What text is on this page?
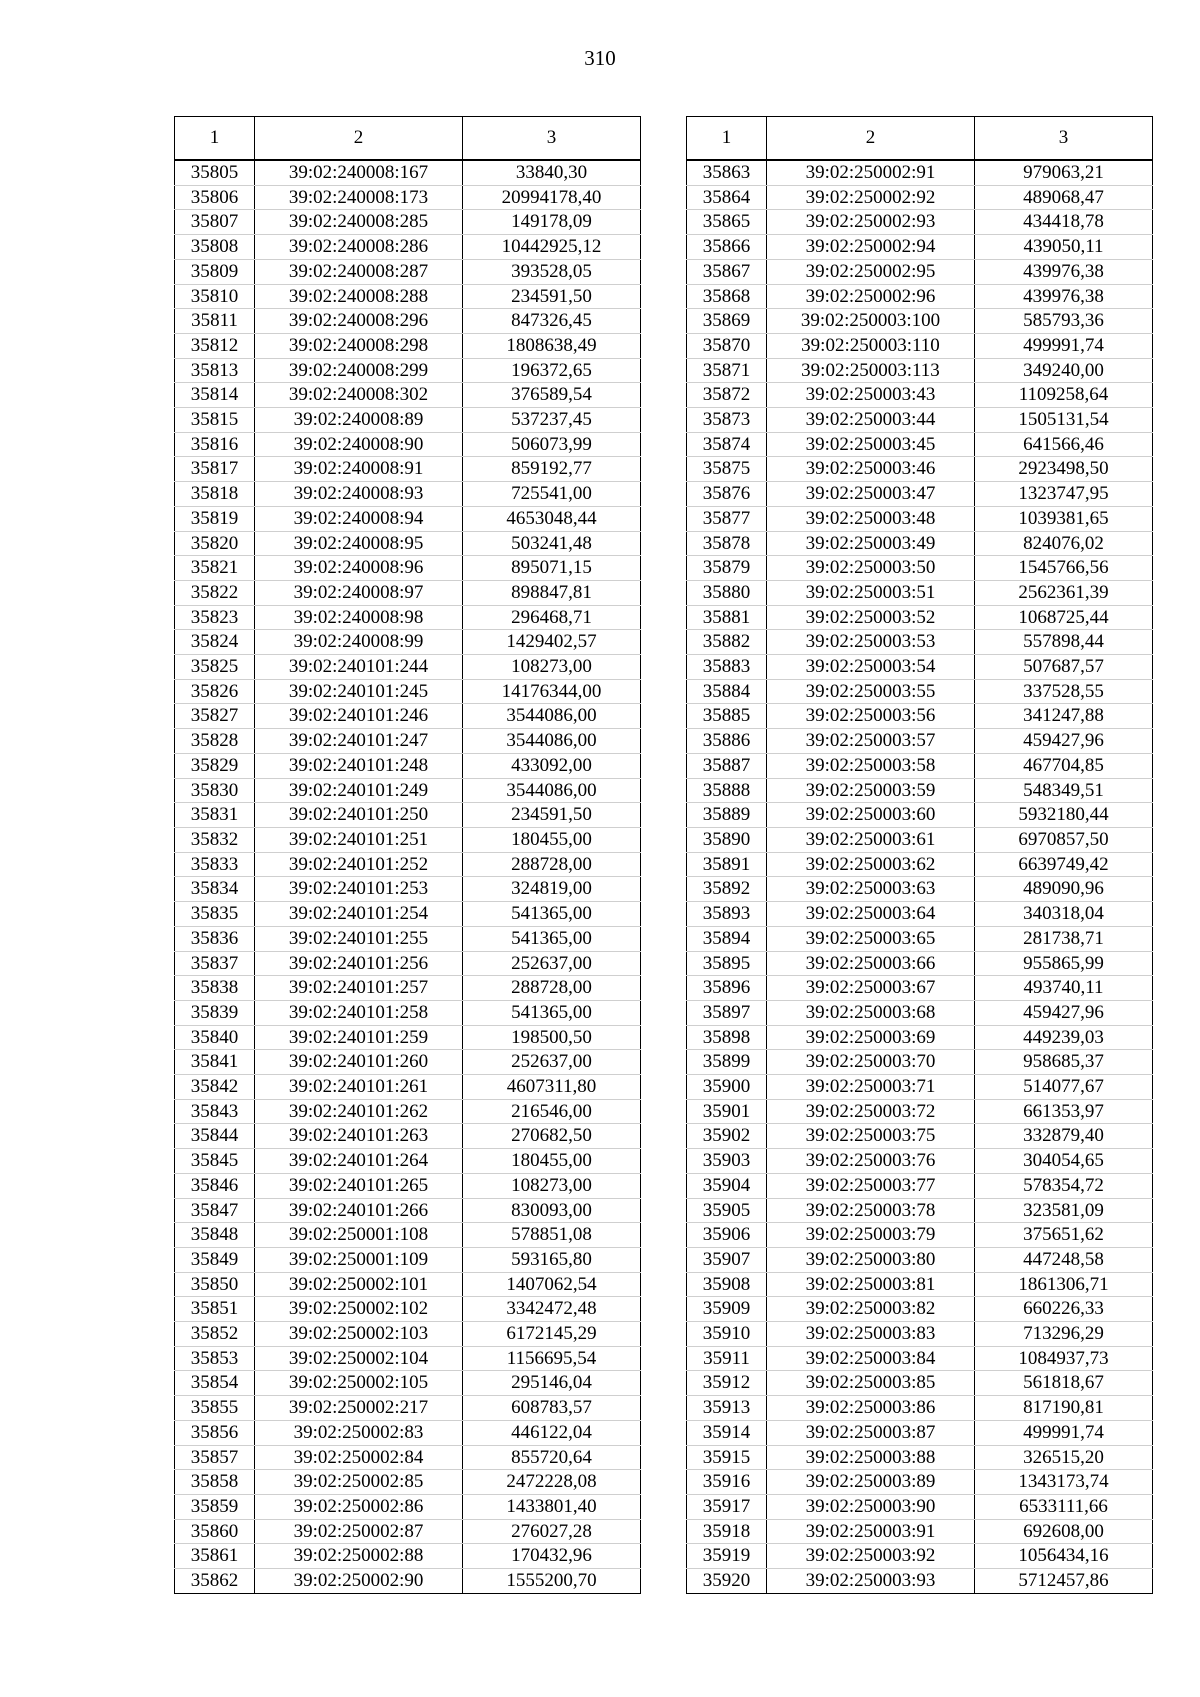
310
1	2	3
35805	39:02:240008:167	33840,30
35806	39:02:240008:173	20994178,40
35807	39:02:240008:285	149178,09
35808	39:02:240008:286	10442925,12
35809	39:02:240008:287	393528,05
35810	39:02:240008:288	234591,50
35811	39:02:240008:296	847326,45
35812	39:02:240008:298	1808638,49
35813	39:02:240008:299	196372,65
35814	39:02:240008:302	376589,54
35815	39:02:240008:89	537237,45
35816	39:02:240008:90	506073,99
35817	39:02:240008:91	859192,77
35818	39:02:240008:93	725541,00
35819	39:02:240008:94	4653048,44
35820	39:02:240008:95	503241,48
35821	39:02:240008:96	895071,15
35822	39:02:240008:97	898847,81
35823	39:02:240008:98	296468,71
35824	39:02:240008:99	1429402,57
35825	39:02:240101:244	108273,00
35826	39:02:240101:245	14176344,00
35827	39:02:240101:246	3544086,00
35828	39:02:240101:247	3544086,00
35829	39:02:240101:248	433092,00
35830	39:02:240101:249	3544086,00
35831	39:02:240101:250	234591,50
35832	39:02:240101:251	180455,00
35833	39:02:240101:252	288728,00
35834	39:02:240101:253	324819,00
35835	39:02:240101:254	541365,00
35836	39:02:240101:255	541365,00
35837	39:02:240101:256	252637,00
35838	39:02:240101:257	288728,00
35839	39:02:240101:258	541365,00
35840	39:02:240101:259	198500,50
35841	39:02:240101:260	252637,00
35842	39:02:240101:261	4607311,80
35843	39:02:240101:262	216546,00
35844	39:02:240101:263	270682,50
35845	39:02:240101:264	180455,00
35846	39:02:240101:265	108273,00
35847	39:02:240101:266	830093,00
35848	39:02:250001:108	578851,08
35849	39:02:250001:109	593165,80
35850	39:02:250002:101	1407062,54
35851	39:02:250002:102	3342472,48
35852	39:02:250002:103	6172145,29
35853	39:02:250002:104	1156695,54
35854	39:02:250002:105	295146,04
35855	39:02:250002:217	608783,57
35856	39:02:250002:83	446122,04
35857	39:02:250002:84	855720,64
35858	39:02:250002:85	2472228,08
35859	39:02:250002:86	1433801,40
35860	39:02:250002:87	276027,28
35861	39:02:250002:88	170432,96
35862	39:02:250002:90	1555200,70
1	2	3
35863	39:02:250002:91	979063,21
35864	39:02:250002:92	489068,47
35865	39:02:250002:93	434418,78
35866	39:02:250002:94	439050,11
35867	39:02:250002:95	439976,38
35868	39:02:250002:96	439976,38
35869	39:02:250003:100	585793,36
35870	39:02:250003:110	499991,74
35871	39:02:250003:113	349240,00
35872	39:02:250003:43	1109258,64
35873	39:02:250003:44	1505131,54
35874	39:02:250003:45	641566,46
35875	39:02:250003:46	2923498,50
35876	39:02:250003:47	1323747,95
35877	39:02:250003:48	1039381,65
35878	39:02:250003:49	824076,02
35879	39:02:250003:50	1545766,56
35880	39:02:250003:51	2562361,39
35881	39:02:250003:52	1068725,44
35882	39:02:250003:53	557898,44
35883	39:02:250003:54	507687,57
35884	39:02:250003:55	337528,55
35885	39:02:250003:56	341247,88
35886	39:02:250003:57	459427,96
35887	39:02:250003:58	467704,85
35888	39:02:250003:59	548349,51
35889	39:02:250003:60	5932180,44
35890	39:02:250003:61	6970857,50
35891	39:02:250003:62	6639749,42
35892	39:02:250003:63	489090,96
35893	39:02:250003:64	340318,04
35894	39:02:250003:65	281738,71
35895	39:02:250003:66	955865,99
35896	39:02:250003:67	493740,11
35897	39:02:250003:68	459427,96
35898	39:02:250003:69	449239,03
35899	39:02:250003:70	958685,37
35900	39:02:250003:71	514077,67
35901	39:02:250003:72	661353,97
35902	39:02:250003:75	332879,40
35903	39:02:250003:76	304054,65
35904	39:02:250003:77	578354,72
35905	39:02:250003:78	323581,09
35906	39:02:250003:79	375651,62
35907	39:02:250003:80	447248,58
35908	39:02:250003:81	1861306,71
35909	39:02:250003:82	660226,33
35910	39:02:250003:83	713296,29
35911	39:02:250003:84	1084937,73
35912	39:02:250003:85	561818,67
35913	39:02:250003:86	817190,81
35914	39:02:250003:87	499991,74
35915	39:02:250003:88	326515,20
35916	39:02:250003:89	1343173,74
35917	39:02:250003:90	6533111,66
35918	39:02:250003:91	692608,00
35919	39:02:250003:92	1056434,16
35920	39:02:250003:93	5712457,86
